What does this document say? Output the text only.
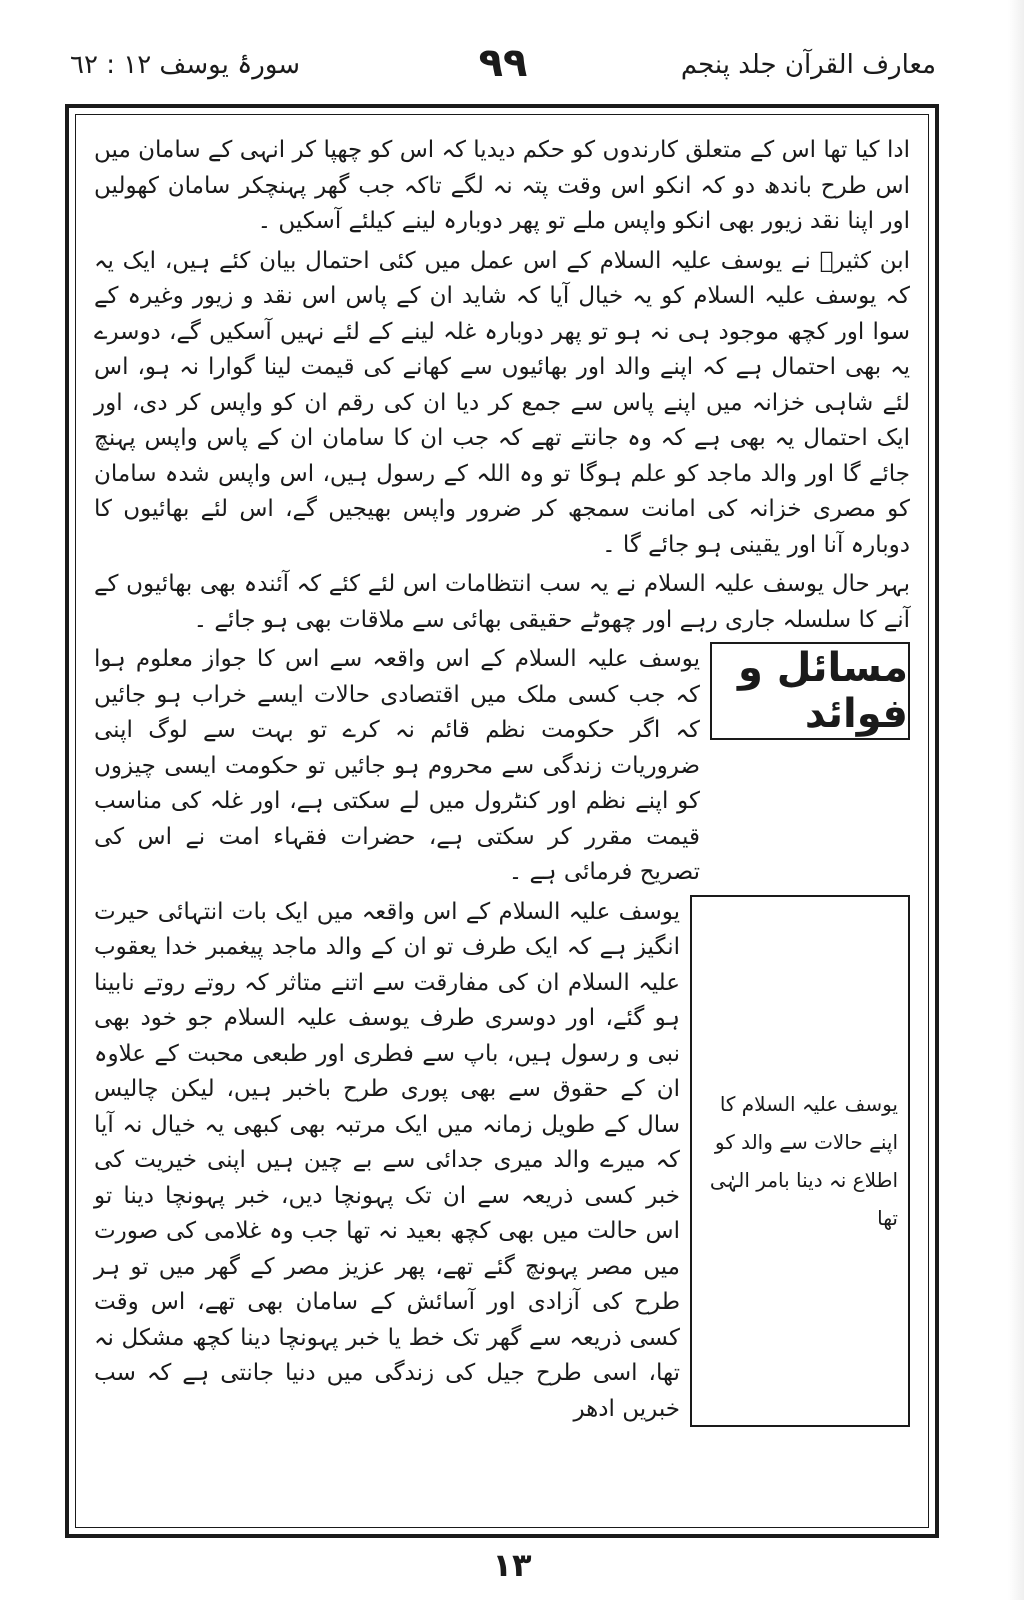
معارف القرآن جلد پنجم
٩٩
سورۂ یوسف ١٢ : ٦٢

ادا کیا تھا اس کے متعلق کارندوں کو حکم دیدیا کہ اس کو چھپا کر انہی کے سامان میں اس طرح باندھ دو کہ انکو اس وقت پتہ نہ لگے تاکہ جب گھر پہنچکر سامان کھولیں اور اپنا نقد زیور بھی انکو واپس ملے تو پھر دوبارہ لینے کیلئے آسکیں ۔

ابن کثیرؒ نے یوسف علیہ السلام کے اس عمل میں کئی احتمال بیان کئے ہیں، ایک یہ کہ یوسف علیہ السلام کو یہ خیال آیا کہ شاید ان کے پاس اس نقد و زیور وغیرہ کے سوا اور کچھ موجود ہی نہ ہو تو پھر دوبارہ غلہ لینے کے لئے نہیں آسکیں گے، دوسرے یہ بھی احتمال ہے کہ اپنے والد اور بھائیوں سے کھانے کی قیمت لینا گوارا نہ ہو، اس لئے شاہی خزانہ میں اپنے پاس سے جمع کر دیا ان کی رقم ان کو واپس کر دی، اور ایک احتمال یہ بھی ہے کہ وہ جانتے تھے کہ جب ان کا سامان ان کے پاس واپس پہنچ جائے گا اور والد ماجد کو علم ہوگا تو وہ اللہ کے رسول ہیں، اس واپس شدہ سامان کو مصری خزانہ کی امانت سمجھ کر ضرور واپس بھیجیں گے، اس لئے بھائیوں کا دوبارہ آنا اور یقینی ہو جائے گا ۔

بہر حال یوسف علیہ السلام نے یہ سب انتظامات اس لئے کئے کہ آئندہ بھی بھائیوں کے آنے کا سلسلہ جاری رہے اور چھوٹے حقیقی بھائی سے ملاقات بھی ہو جائے ۔

مسائل و فوائد
یوسف علیہ السلام کے اس واقعہ سے اس کا جواز معلوم ہوا کہ جب کسی ملک میں اقتصادی حالات ایسے خراب ہو جائیں کہ اگر حکومت نظم قائم نہ کرے تو بہت سے لوگ اپنی ضروریات زندگی سے محروم ہو جائیں تو حکومت ایسی چیزوں کو اپنے نظم اور کنٹرول میں لے سکتی ہے، اور غلہ کی مناسب قیمت مقرر کر سکتی ہے، حضرات فقہاء امت نے اس کی تصریح فرمائی ہے ۔
یوسف علیہ السلام کا اپنے حالات سے والد کو اطلاع نہ دینا بامر الہٰی تھا
یوسف علیہ السلام کے اس واقعہ میں ایک بات انتہائی حیرت انگیز ہے کہ ایک طرف تو ان کے والد ماجد پیغمبر خدا یعقوب علیہ السلام ان کی مفارقت سے اتنے متاثر کہ روتے روتے نابینا ہو گئے، اور دوسری طرف یوسف علیہ السلام جو خود بھی نبی و رسول ہیں، باپ سے فطری اور طبعی محبت کے علاوہ ان کے حقوق سے بھی پوری طرح باخبر ہیں، لیکن چالیس سال کے طویل زمانہ میں ایک مرتبہ بھی کبھی یہ خیال نہ آیا کہ میرے والد میری جدائی سے بے چین ہیں اپنی خیریت کی خبر کسی ذریعہ سے ان تک پہونچا دیں، خبر پہونچا دینا تو اس حالت میں بھی کچھ بعید نہ تھا جب وہ غلامی کی صورت میں مصر پہونچ گئے تھے، پھر عزیز مصر کے گھر میں تو ہر طرح کی آزادی اور آسائش کے سامان بھی تھے، اس وقت کسی ذریعہ سے گھر تک خط یا خبر پہونچا دینا کچھ مشکل نہ تھا، اسی طرح جیل کی زندگی میں دنیا جانتی ہے کہ سب خبریں ادھر
١٣
